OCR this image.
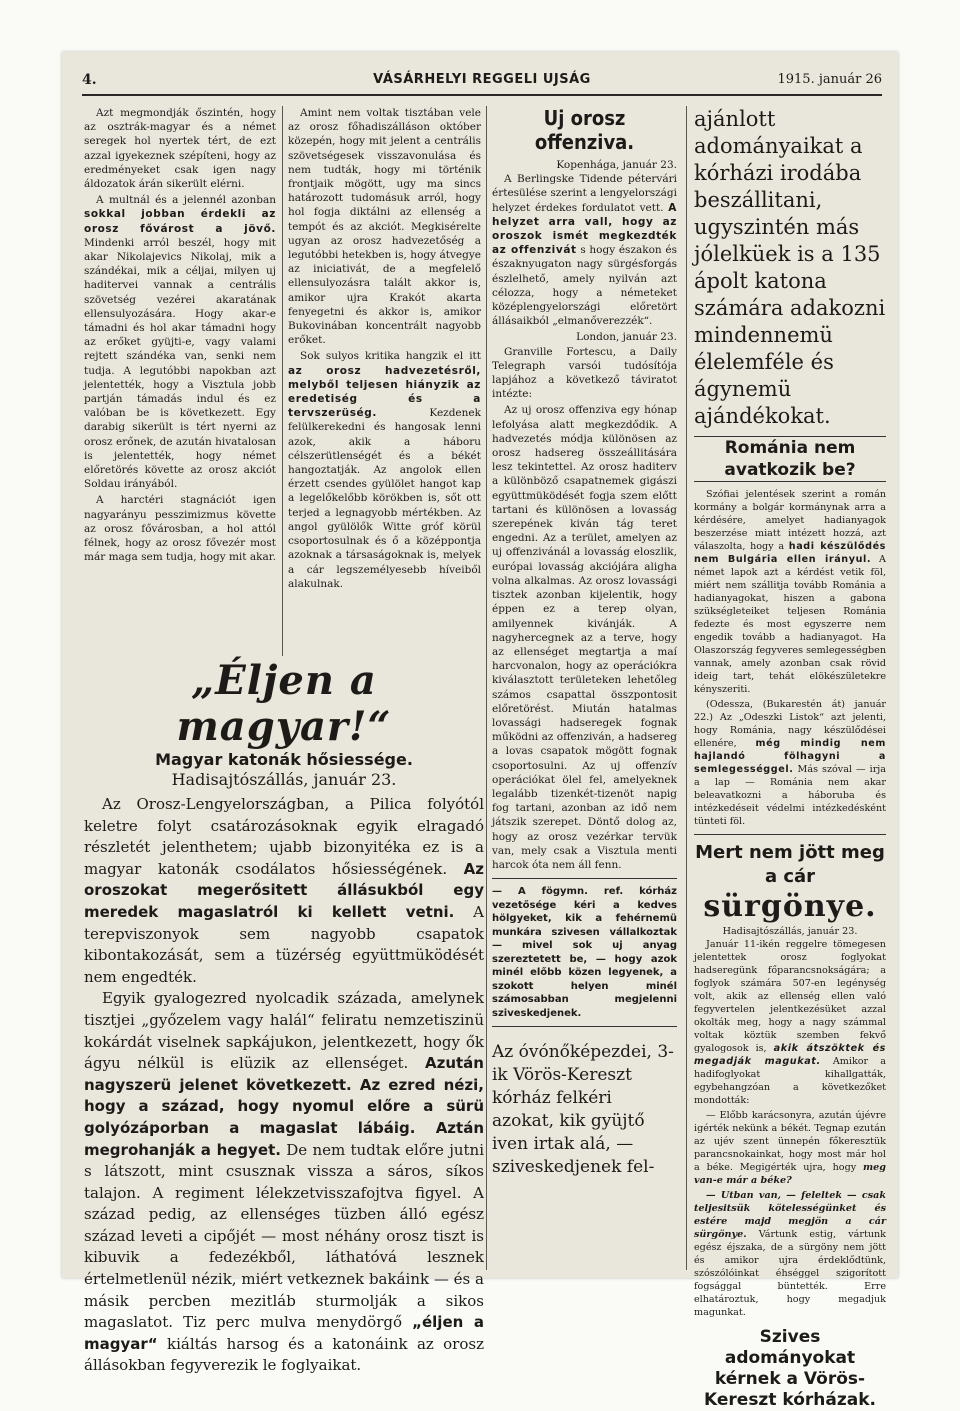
4.	VÁSÁRHELYI REGGELI UJSÁG	1915. január 26

Azt megmondják őszintén, hogy az osztrák-magyar és a német seregek hol nyertek tért, de ezt azzal igyekeznek szépíteni, hogy az eredményeket csak igen nagy áldozatok árán sikerült elérni.

A multnál és a jelennél azonban sokkal jobban érdekli az orosz fővárost a jövő. Mindenki arról beszél, hogy mit akar Nikolajevics Nikolaj, mik a szándékai, mik a céljai, milyen uj haditervei vannak a centrális szövetség vezérei akaratának ellensulyozására. Hogy akar-e támadni és hol akar támadni hogy az erőket gyüjti-e, vagy valami rejtett szándéka van, senki nem tudja. A legutóbbi napokban azt jelentették, hogy a Visztula jobb partján támadás indul és ez valóban be is következett. Egy darabig sikerült is tért nyerni az orosz erőnek, de azután hivatalosan is jelentették, hogy német előretörés követte az orosz akciót Soldau irányából.

A harctéri stagnációt igen nagyarányu pesszimizmus követte az orosz fővárosban, a hol attól félnek, hogy az orosz fővezér most már maga sem tudja, hogy mit akar.

Amint nem voltak tisztában vele az orosz főhadiszálláson október közepén, hogy mit jelent a centrális szövetségesek visszavonulása és nem tudták, hogy mi történik frontjaik mögött, ugy ma sincs határozott tudomásuk arról, hogy hol fogja diktálni az ellenség a tempót és az akciót. Megkisérelte ugyan az orosz hadvezetőség a legutóbbi hetekben is, hogy átvegye az iniciativát, de a megfelelő ellensulyozásra talált akkor is, amikor ujra Krakót akarta fenyegetni és akkor is, amikor Bukovinában koncentrált nagyobb erőket.

Sok sulyos kritika hangzik el itt az orosz hadvezetésről, melyből teljesen hiányzik az eredetiség és a tervszerüség.	Kezdenek felülkerekedni és hangosak lenni azok, akik a háboru célszerütlenségét és a békét hangoztatják. Az angolok ellen érzett csendes gyülölet hangot kap a legelőkelőbb körökben is, sőt ott terjed a legnagyobb mértékben. Az angol gyülölők Witte gróf körül csoportosulnak és ő a középpontja azoknak a társaságoknak is, melyek a cár legszemélyesebb híveiből alakulnak.

„Éljen a magyar!“
Magyar katonák hősiessége.
Hadisajtószállás, január 23.

Az Orosz-Lengyelországban, a Pilica folyótól keletre folyt csatározásoknak egyik elragadó részletét jelenthetem; ujabb bizonyitéka ez is a magyar katonák csodálatos hősiességének. Az oroszokat megerősitett állásukból egy meredek magaslatról ki kellett vetni. A terepviszonyok sem nagyobb csapatok kibontakozását, sem a tüzérség együttmüködését nem engedték.

Egyik gyalogezred nyolcadik százada, amelynek tisztjei „győzelem vagy halál“ feliratu nemzetiszinü kokárdát viselnek sapkájukon, jelentkezett, hogy ők ágyu nélkül is elüzik az ellenséget. Azután nagyszerü jelenet következett. Az ezred nézi, hogy a század, hogy nyomul előre a sürü golyózáporban a magaslat lábáig. Aztán megrohanják a hegyet. De nem tudtak előre jutni s látszott, mint csusznak vissza a sáros, síkos talajon. A regiment lélekzetvisszafojtva figyel. A század pedig, az ellenséges tüzben álló egész század leveti a cipőjét — most néhány orosz tiszt is kibuvik a fedezékből, láthatóvá lesznek értelmetlenül nézik, miért vetkeznek bakáink — és a másik percben mezitláb sturmolják a sikos magaslatot. Tiz perc mulva menydörgő „éljen a magyar“ kiáltás harsog és a katonáink az orosz állásokban fegyverezik le foglyaikat.

Uj orosz offenziva.
Kopenhága, január 23.

A Berlingske Tidende pétervári értesülése szerint a lengyelországi helyzet érdekes fordulatot vett. A helyzet arra vall, hogy az oroszok ismét megkezdték az offenzivát s hogy északon és északnyugaton nagy sürgésforgás észlelhető, amely nyilván azt célozza, hogy a németeket középlengyelországi előretört állásaikból „elmanőverezzék“.

London, január 23.

Granville Fortescu, a Daily Telegraph varsói tudósítója lapjához a következő táviratot intézte:

Az uj orosz offenziva egy hónap lefolyása alatt megkezdődik. A hadvezetés módja különösen az orosz hadsereg összeállitására lesz tekintettel. Az orosz haditerv a különböző csapatnemek gigászi együttmüködését fogja szem előtt tartani és különösen a lovasság szerepének kiván tág teret engedni. Az a terület, amelyen az uj offenzivánál a lovasság eloszlik, európai lovasság akciójára aligha volna alkalmas. Az orosz lovassági tisztek azonban kijelentik, hogy éppen ez a terep olyan, amilyennek kivánják. A nagyhercegnek az a terve, hogy az ellenséget megtartja a maí harcvonalon, hogy az operációkra kiválasztott területeken lehetőleg számos csapattal összpontosit előretörést. Miután hatalmas lovassági hadseregek fognak működni az offenziván, a hadsereg a lovas csapatok mögött fognak csoportosulni. Az uj offenzív operációkat ölel fel, amelyeknek legalább tizenkét-tizenöt napig fog tartani, azonban az idő nem játszik szerepet. Döntő dolog az, hogy az orosz vezérkar tervük van, mely csak a Visztula menti harcok óta nem áll fenn.

— A fögymn. ref. kórház vezetősége kéri a kedves hölgyeket, kik a fehérnemü munkára szivesen vállalkoztak — mivel sok uj anyag szereztetett be, — hogy azok minél előbb közen legyenek, a szokott helyen minél számosabban megjelenni sziveskedjenek.

Az óvónőképezdei, 3-ik Vörös-Kereszt kórház felkéri azokat, kik gyüjtő iven irtak alá, — sziveskedjenek fel-
ajánlott adományaikat a kórházi irodába beszállitani, ugyszintén más jólelküek is a 135 ápolt katona számára adakozni mindennemü élelemféle és ágynemü ajándékokat.
Románia nem avatkozik be?

Szófiai jelentések szerint a román kormány a bolgár kormánynak arra a kérdésére, amelyet hadianyagok beszerzése miatt intézett hozzá, azt válaszolta, hogy a hadi készülődés nem Bulgária ellen irányul. A német lapok azt a kérdést vetik föl, miért nem szállitja tovább Románia a hadianyagokat, hiszen a gabona szükségleteiket teljesen Románia fedezte és most egyszerre nem engedik tovább a hadianyagot. Ha Olaszország fegyveres semlegességben vannak, amely azonban csak rövid ideig tart, tehát elökészületekre kényszeriti.

(Odessza, (Bukarestén át) január 22.) Az „Odeszki Listok“ azt jelenti, hogy Románia, nagy készülődései ellenére, még mindig nem hajlandó fölhagyni a semlegességgel. Más szóval — irja a lap — Románia nem akar beleavatkozni a háboruba és intézkedéseit védelmi intézkedésként tünteti föl.

Mert nem jött meg a cár
sürgönye.
Hadisajtószállás, január 23.

Január 11-ikén reggelre tömegesen jelentettek orosz foglyokat hadseregünk főparancsnokságára; a foglyok számára 507-en legénység volt, akik az ellenség ellen való fegyvertelen jelentkezésüket azzal okolták meg, hogy a nagy számmal voltak köztük szemben fekvő gyalogosok is, akik átszöktek és megadják magukat. Amikor a hadifoglyokat kihallgatták, egybehangzóan a következőket mondották:

— Előbb karácsonyra, azután újévre igérték nekünk a békét. Tegnap ezután az ujév szent ünnepén főkeresztük parancsnokainkat, hogy most már hol a béke. Megigérték ujra, hogy meg van-e már a béke?

— Utban van, — feleltek — csak teljesitsük kötelességünket és estére majd megjön a cár sürgönye. Vártunk estig, vártunk egész éjszaka, de a sürgöny nem jött és amikor ujra érdeklődtünk, szószólóinkat éhséggel szigorított fogsággal büntették. Erre elhatároztuk, hogy megadjuk magunkat.

Szives adományokat kérnek a Vörös-Kereszt kórházak.
